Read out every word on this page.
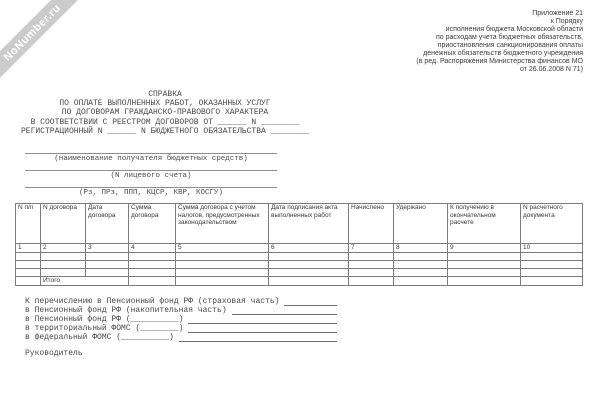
NoNumber.ru	Приложение 21
к Порядку
исполнения бюджета Московской области
по расходам учета бюджетных обязательств,
приостановления санкционирования оплаты
денежных обязательств бюджетного учреждения
(в ред. Распоряжения Министерства финансов МО
от 26.06.2008 N 71)
СПРАВКА
ПО ОПЛАТЕ ВЫПОЛНЕННЫХ РАБОТ, ОКАЗАННЫХ УСЛУГ
ПО ДОГОВОРАМ ГРАЖДАНСКО-ПРАВОВОГО ХАРАКТЕРА
В СООТВЕТСТВИИ С РЕЕСТРОМ ДОГОВОРОВ ОТ ______ N ________
РЕГИСТРАЦИОННЫЙ N ______ N БЮДЖЕТНОГО ОБЯЗАТЕЛЬСТВА ________
(наименование получателя бюджетных средств)
(N лицевого счета)
(Рз, ПРз, ППП, КЦСР, КВР, КОСГУ)
N п/п	N договора	Дата договора	Сумма договора	Сумма договора с учетом налогов, предусмотренных законодательством	Дата подписания акта выполненных работ	Начислено	Удержано	К получению в окончательном расчете	N расчетного документа
1	2	3	4	5	6	7	8	9	10

	Итого								
К перечислению в Пенсионный фонд РФ (страховая часть)
в Пенсионный фонд РФ (накопительная часть)
в Пенсионный фонд РФ (__________)
в территориальный ФОМС (________)
в федеральный ФОМС (__________)
Руководитель
